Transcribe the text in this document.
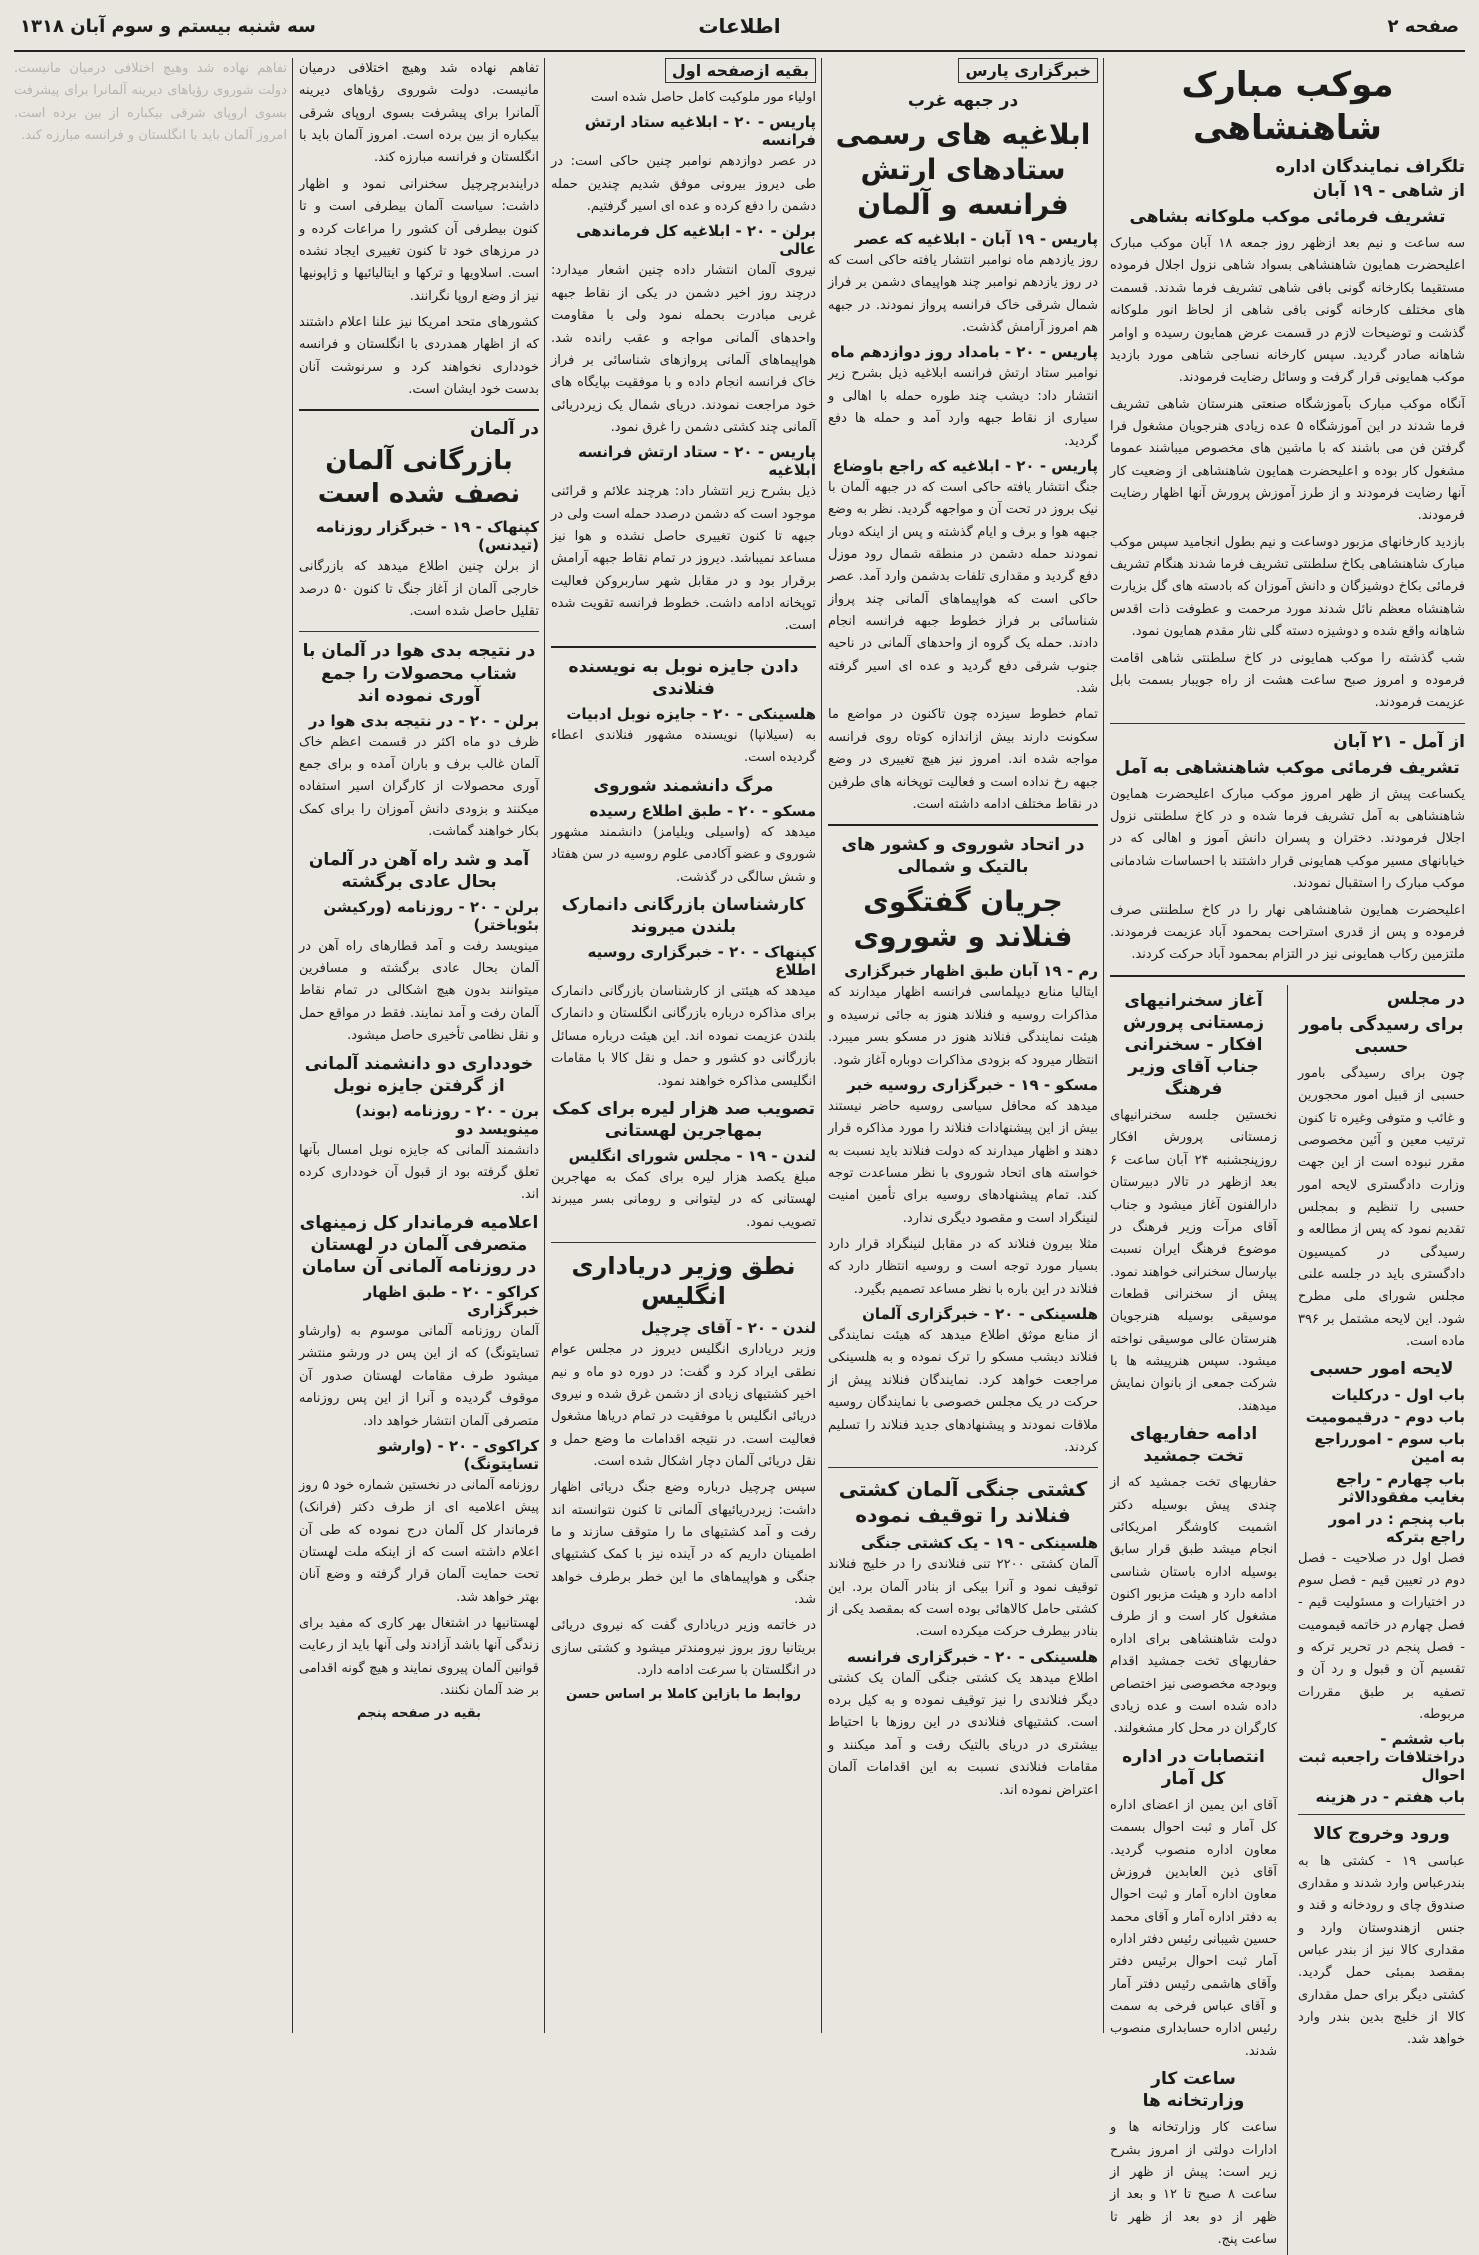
صفحه ۲
اطلاعات
سه شنبه بیستم و سوم آبان ۱۳۱۸
موکب مبارک شاهنشاهی
تلگراف نمایندگان اداره
از شاهی - ۱۹ آبان
تشریف فرمائی موکب ملوکانه بشاهی

سه ساعت و نیم بعد ازظهر روز جمعه ۱۸ آبان موکب مبارک اعلیحضرت همایون شاهنشاهی بسواد شاهی نزول اجلال فرموده مستقیما بکارخانه گونی بافی شاهی تشریف فرما شدند. قسمت های مختلف کارخانه گونی بافی شاهی از لحاظ انور ملوکانه گذشت و توضیحات لازم در قسمت عرض همایون رسیده و اوامر شاهانه صادر گردید. سپس کارخانه نساجی شاهی مورد بازدید موکب همایونی قرار گرفت و وسائل رضایت فرمودند.

آنگاه موکب مبارک بآموزشگاه صنعتی هنرستان شاهی تشریف فرما شدند در این آموزشگاه ۵ عده زیادی هنرجویان مشغول فرا گرفتن فن می باشند که با ماشین های مخصوص میباشند عموما مشغول کار بوده و اعلیحضرت همایون شاهنشاهی از وضعیت کار آنها رضایت فرمودند و از طرز آموزش پرورش آنها اظهار رضایت فرمودند.

بازدید کارخانهای مزبور دوساعت و نیم بطول انجامید سپس موکب مبارک شاهنشاهی بکاخ سلطنتی تشریف فرما شدند هنگام تشریف فرمائی بکاخ دوشیزگان و دانش آموزان که بادسته های گل بزیارت شاهنشاه معظم نائل شدند مورد مرحمت و عطوفت ذات اقدس شاهانه واقع شده و دوشیزه دسته گلی نثار مقدم همایون نمود.

شب گذشته را موکب همایونی در کاخ سلطنتی شاهی اقامت فرموده و امروز صبح ساعت هشت از راه جویبار بسمت بابل عزیمت فرمودند.

از آمل - ۲۱ آبان
تشریف فرمائی موکب شاهنشاهی به آمل

یکساعت پیش از ظهر امروز موکب مبارک اعلیحضرت همایون شاهنشاهی به آمل تشریف فرما شده و در کاخ سلطنتی نزول اجلال فرمودند. دختران و پسران دانش آموز و اهالی که در خیابانهای مسیر موکب همایونی قرار داشتند با احساسات شادمانی موکب مبارک را استقبال نمودند.

اعلیحضرت همایون شاهنشاهی نهار را در کاخ سلطنتی صرف فرموده و پس از قدری استراحت بمحمود آباد عزیمت فرمودند. ملتزمین رکاب همایونی نیز در التزام بمحمود آباد حرکت کردند.

در مجلس
برای رسیدگی بامور حسبی

چون برای رسیدگی بامور حسبی از قبیل امور محجورین و غائب و متوفی وغیره تا کنون ترتیب معین و آئین مخصوصی مقرر نبوده است از این جهت وزارت دادگستری لایحه امور حسبی را تنظیم و بمجلس تقدیم نمود که پس از مطالعه و رسیدگی در کمیسیون دادگستری باید در جلسه علنی مجلس شورای ملی مطرح شود. این لایحه مشتمل بر ۳۹۶ ماده است.

لایحه امور حسبی
باب اول - درکلیات
باب دوم - درقیمومیت
باب سوم - امورراجع به امین
باب چهارم - راجع بغایب مفقودالاثر
باب پنجم : در امور راجع بترکه

فصل اول در صلاحیت - فصل دوم در تعیین قیم - فصل سوم در اختیارات و مسئولیت قیم - فصل چهارم در خاتمه قیمومیت - فصل پنجم در تحریر ترکه و تقسیم آن و قبول و رد آن و تصفیه بر طبق مقررات مربوطه.

باب ششم - دراختلافات راجعبه ثبت احوال
باب هفتم - در هزینه
ورود وخروج کالا

عباسی ۱۹ - کشتی ها به بندرعباس وارد شدند و مقداری صندوق چای و رودخانه و قند و جنس ازهندوستان وارد و مقداری کالا نیز از بندر عباس بمقصد بمبئی حمل گردید. کشتی دیگر برای حمل مقداری کالا از خلیج بدین بندر وارد خواهد شد.

آغاز سخنرانیهای زمستانی پرورش افکار - سخنرانی جناب آقای وزیر فرهنگ

نخستین جلسه سخنرانیهای زمستانی پرورش افکار روزپنجشنبه ۲۴ آبان ساعت ۶ بعد ازظهر در تالار دبیرستان دارالفنون آغاز میشود و جناب آقای مرآت وزیر فرهنگ در موضوع فرهنگ ایران نسبت بپارسال سخنرانی خواهند نمود. پیش از سخنرانی قطعات موسیقی بوسیله هنرجویان هنرستان عالی موسیقی نواخته میشود. سپس هنرپیشه ها با شرکت جمعی از بانوان نمایش میدهند.

ادامه حفاریهای تخت جمشید

حفاریهای تخت جمشید که از چندی پیش بوسیله دکتر اشمیت کاوشگر امریکائی انجام میشد طبق قرار سابق بوسیله اداره باستان شناسی ادامه دارد و هیئت مزبور اکنون مشغول کار است و از طرف دولت شاهنشاهی برای اداره حفاریهای تخت جمشید اقدام وبودجه مخصوصی نیز اختصاص داده شده است و عده زیادی کارگران در محل کار مشغولند.

انتصابات در اداره کل آمار

آقای ابن یمین از اعضای اداره کل آمار و ثبت احوال بسمت معاون اداره منصوب گردید. آقای ذین العابدین فروزش معاون اداره آمار و ثبت احوال به دفتر اداره آمار و آقای محمد حسین شیبانی رئیس دفتر اداره آمار ثبت احوال برئیس دفتر وآقای هاشمی رئیس دفتر آمار و آقای عباس فرخی به سمت رئیس اداره حسابداری منصوب شدند.

ساعت کار وزارتخانه ها

ساعت کار وزارتخانه ها و ادارات دولتی از امروز بشرح زیر است: پیش از ظهر از ساعت ۸ صبح تا ۱۲ و بعد از ظهر از دو بعد از ظهر تا ساعت پنج.

خبرگزاری پارس
در جبهه غرب
ابلاغیه های رسمی ستادهای ارتش فرانسه و آلمان
پاریس - ۱۹ آبان - ابلاغیه که عصر

روز یازدهم ماه نوامبر انتشار یافته حاکی است که در روز یازدهم نوامبر چند هواپیمای دشمن بر فراز شمال شرقی خاک فرانسه پرواز نمودند. در جبهه هم امروز آرامش گذشت.

پاریس - ۲۰ - بامداد روز دوازدهم ماه

نوامبر ستاد ارتش فرانسه ابلاغیه ذیل بشرح زیر انتشار داد: دیشب چند طوره حمله با اهالی و سیاری از نقاط جبهه وارد آمد و حمله ها دفع گردید.

پاریس - ۲۰ - ابلاغیه که راجع باوضاع

جنگ انتشار یافته حاکی است که در جبهه آلمان با نیک بروز در تحت آن و مواجهه گردید. نظر به وضع جبهه هوا و برف و ایام گذشته و پس از اینکه دوبار نمودند حمله دشمن در منطقه شمال رود موزل دفع گردید و مقداری تلفات بدشمن وارد آمد. عصر حاکی است که هواپیماهای آلمانی چند پرواز شناسائی بر فراز خطوط جبهه فرانسه انجام دادند. حمله یک گروه از واحدهای آلمانی در ناحیه جنوب شرقی دفع گردید و عده ای اسیر گرفته شد.

تمام خطوط سیزده چون تاکنون در مواضع ما سکونت دارند بیش ازاندازه کوتاه روی فرانسه مواجه شده اند. امروز نیز هیچ تغییری در وضع جبهه رخ نداده است و فعالیت توپخانه های طرفین در نقاط مختلف ادامه داشته است.

در اتحاد شوروی و کشور های بالتیک و شمالی
جریان گفتگوی فنلاند و شوروی
رم - ۱۹ آبان طبق اظهار خبرگزاری

ایتالیا منابع دیپلماسی فرانسه اظهار میدارند که مذاکرات روسیه و فنلاند هنوز به جائی نرسیده و هیئت نمایندگی فنلاند هنوز در مسکو بسر میبرد. انتظار میرود که بزودی مذاکرات دوباره آغاز شود.

مسکو - ۱۹ - خبرگزاری روسیه خبر

میدهد که محافل سیاسی روسیه حاضر نیستند بیش از این پیشنهادات فنلاند را مورد مذاکره قرار دهند و اظهار میدارند که دولت فنلاند باید نسبت به خواسته های اتحاد شوروی با نظر مساعدت توجه کند. تمام پیشنهادهای روسیه برای تأمین امنیت لنینگراد است و مقصود دیگری ندارد.

مثلا بیرون فنلاند که در مقابل لنینگراد قرار دارد بسیار مورد توجه است و روسیه انتظار دارد که فنلاند در این باره با نظر مساعد تصمیم بگیرد.

هلسینکی - ۲۰ - خبرگزاری آلمان

از منابع موثق اطلاع میدهد که هیئت نمایندگی فنلاند دیشب مسکو را ترک نموده و به هلسینکی مراجعت خواهد کرد. نمایندگان فنلاند پیش از حرکت در یک مجلس خصوصی با نمایندگان روسیه ملاقات نمودند و پیشنهادهای جدید فنلاند را تسلیم کردند.

کشتی جنگی آلمان کشتی فنلاند را توقیف نموده
هلسینکی - ۱۹ - یک کشتی جنگی

آلمان کشتی ۲۲۰۰ تنی فنلاندی را در خلیج فنلاند توقیف نمود و آنرا بیکی از بنادر آلمان برد. این کشتی حامل کالاهائی بوده است که بمقصد یکی از بنادر بیطرف حرکت میکرده است.

هلسینکی - ۲۰ - خبرگزاری فرانسه

اطلاع میدهد یک کشتی جنگی آلمان یک کشتی دیگر فنلاندی را نیز توقیف نموده و به کیل برده است. کشتیهای فنلاندی در این روزها با احتیاط بیشتری در دریای بالتیک رفت و آمد میکنند و مقامات فنلاندی نسبت به این اقدامات آلمان اعتراض نموده اند.

بقیه ازصفحه اول

اولیاء مور ملوکیت کامل حاصل شده است

پاریس - ۲۰ - ابلاغیه ستاد ارتش فرانسه

در عصر دوازدهم نوامبر چنین حاکی است: در طی دیروز بیرونی موفق شدیم چندین حمله دشمن را دفع کرده و عده ای اسیر گرفتیم.

برلن - ۲۰ - ابلاغیه کل فرماندهی عالی

نیروی آلمان انتشار داده چنین اشعار میدارد: درچند روز اخیر دشمن در یکی از نقاط جبهه غربی مبادرت بحمله نمود ولی با مقاومت واحدهای آلمانی مواجه و عقب رانده شد. هواپیماهای آلمانی پروازهای شناسائی بر فراز خاک فرانسه انجام داده و با موفقیت بپایگاه های خود مراجعت نمودند. دریای شمال یک زیردریائی آلمانی چند کشتی دشمن را غرق نمود.

پاریس - ۲۰ - ستاد ارتش فرانسه ابلاغیه

ذیل بشرح زیر انتشار داد: هرچند علائم و قرائنی موجود است که دشمن درصدد حمله است ولی در جبهه تا کنون تغییری حاصل نشده و هوا نیز مساعد نمیباشد. دیروز در تمام نقاط جبهه آرامش برقرار بود و در مقابل شهر ساربروکن فعالیت توپخانه ادامه داشت. خطوط فرانسه تقویت شده است.

دادن جایزه نوبل به نویسنده فنلاندی
هلسینکی - ۲۰ - جایزه نوبل ادبیات

به (سیلانپا) نویسنده مشهور فنلاندی اعطاء گردیده است.

مرگ دانشمند شوروی
مسکو - ۲۰ - طبق اطلاع رسیده

میدهد که (واسیلی ویلیامز) دانشمند مشهور شوروی و عضو آکادمی علوم روسیه در سن هفتاد و شش سالگی در گذشت.

کارشناسان بازرگانی دانمارک بلندن میروند
کپنهاک - ۲۰ - خبرگزاری روسیه اطلاع

میدهد که هیئتی از کارشناسان بازرگانی دانمارک برای مذاکره درباره بازرگانی انگلستان و دانمارک بلندن عزیمت نموده اند. این هیئت درباره مسائل بازرگانی دو کشور و حمل و نقل کالا با مقامات انگلیسی مذاکره خواهند نمود.

تصویب صد هزار لیره برای کمک بمهاجرین لهستانی
لندن - ۱۹ - مجلس شورای انگلیس

مبلغ یکصد هزار لیره برای کمک به مهاجرین لهستانی که در لیتوانی و رومانی بسر میبرند تصویب نمود.

نطق وزیر دریاداری انگلیس
لندن - ۲۰ - آقای چرچیل

وزیر دریاداری انگلیس دیروز در مجلس عوام نطقی ایراد کرد و گفت: در دوره دو ماه و نیم اخیر کشتیهای زیادی از دشمن غرق شده و نیروی دریائی انگلیس با موفقیت در تمام دریاها مشغول فعالیت است. در نتیجه اقدامات ما وضع حمل و نقل دریائی آلمان دچار اشکال شده است.

سپس چرچیل درباره وضع جنگ دریائی اظهار داشت: زیردریائیهای آلمانی تا کنون نتوانسته اند رفت و آمد کشتیهای ما را متوقف سازند و ما اطمینان داریم که در آینده نیز با کمک کشتیهای جنگی و هواپیماهای ما این خطر برطرف خواهد شد.

در خاتمه وزیر دریاداری گفت که نیروی دریائی بریتانیا روز بروز نیرومندتر میشود و کشتی سازی در انگلستان با سرعت ادامه دارد.

روابط ما بازاین کاملا بر اساس حسن

تفاهم نهاده شد وهیچ اختلافی درمیان مانیست. دولت شوروی رؤیاهای دیرینه آلمانرا برای پیشرفت بسوی اروپای شرقی بیکباره از بین برده است. امروز آلمان باید با انگلستان و فرانسه مبارزه کند.

درایندبرچرچیل سخنرانی نمود و اظهار داشت: سیاست آلمان بیطرفی است و تا کنون بیطرفی آن کشور را مراعات کرده و در مرزهای خود تا کنون تغییری ایجاد نشده است. اسلاویها و ترکها و ایتالیائیها و ژاپونیها نیز از وضع اروپا نگرانند.

کشورهای متحد امریکا نیز علنا اعلام داشتند که از اظهار همدردی با انگلستان و فرانسه خودداری نخواهند کرد و سرنوشت آنان بدست خود ایشان است.

در آلمان
بازرگانی آلمان نصف شده است
کپنهاک - ۱۹ - خبرگزار روزنامه (تیدنس)

از برلن چنین اطلاع میدهد که بازرگانی خارجی آلمان از آغاز جنگ تا کنون ۵۰ درصد تقلیل حاصل شده است.

در نتیجه بدی هوا در آلمان با شتاب محصولات را جمع آوری نموده اند
برلن - ۲۰ - در نتیجه بدی هوا در

ظرف دو ماه اکثر در قسمت اعظم خاک آلمان غالب برف و باران آمده و برای جمع آوری محصولات از کارگران اسیر استفاده میکنند و بزودی دانش آموزان را برای کمک بکار خواهند گماشت.

آمد و شد راه آهن در آلمان بحال عادی برگشته
برلن - ۲۰ - روزنامه (ورکیشن بئوباختر)

مینویسد رفت و آمد قطارهای راه آهن در آلمان بحال عادی برگشته و مسافرین میتوانند بدون هیچ اشکالی در تمام نقاط آلمان رفت و آمد نمایند. فقط در مواقع حمل و نقل نظامی تأخیری حاصل میشود.

خودداری دو دانشمند آلمانی از گرفتن جایزه نوبل
برن - ۲۰ - روزنامه (بوند) مینویسد دو

دانشمند آلمانی که جایزه نوبل امسال بآنها تعلق گرفته بود از قبول آن خودداری کرده اند.

اعلامیه فرماندار کل زمینهای متصرفی آلمان در لهستان در روزنامه آلمانی آن سامان
کراکو - ۲۰ - طبق اظهار خبرگزاری

آلمان روزنامه آلمانی موسوم به (وارشاو تسایتونگ) که از این پس در ورشو منتشر میشود طرف مقامات لهستان صدور آن موقوف گردیده و آنرا از این پس روزنامه متصرفی آلمان انتشار خواهد داد.

کراکوی - ۲۰ - (وارشو تسایتونگ)

روزنامه آلمانی در نخستین شماره خود ۵ روز پیش اعلامیه ای از طرف دکتر (فرانک) فرماندار کل آلمان درج نموده که طی آن اعلام داشته است که از اینکه ملت لهستان تحت حمایت آلمان قرار گرفته و وضع آنان بهتر خواهد شد.

لهستانیها در اشتغال بهر کاری که مفید برای زندگی آنها باشد آزادند ولی آنها باید از رعایت قوانین آلمان پیروی نمایند و هیچ گونه اقدامی بر ضد آلمان نکنند.

بقیه در صفحه پنجم

تفاهم نهاده شد وهیچ اختلافی درمیان مانیست. دولت شوروی رؤیاهای دیرینه آلمانرا برای پیشرفت بسوی اروپای شرقی بیکباره از بین برده است. امروز آلمان باید با انگلستان و فرانسه مبارزه کند.
